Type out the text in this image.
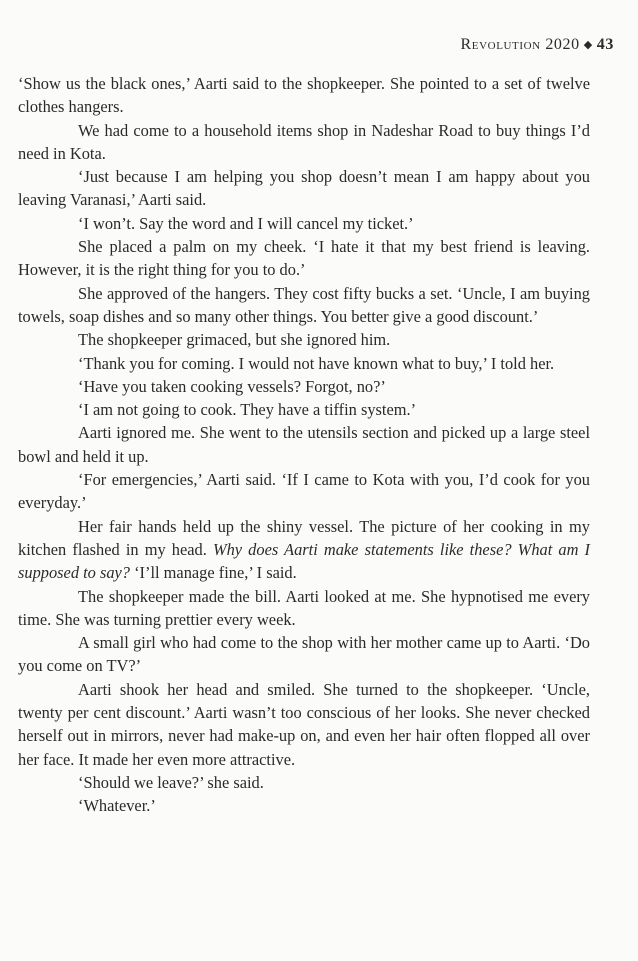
Revolution 2020 ◆ 43

‘Show us the black ones,’ Aarti said to the shopkeeper. She pointed to a set of twelve clothes hangers.

We had come to a household items shop in Nadeshar Road to buy things I’d need in Kota.

‘Just because I am helping you shop doesn’t mean I am happy about you leaving Varanasi,’ Aarti said.

‘I won’t. Say the word and I will cancel my ticket.’

She placed a palm on my cheek. ‘I hate it that my best friend is leaving. However, it is the right thing for you to do.’

She approved of the hangers. They cost fifty bucks a set. ‘Uncle, I am buying towels, soap dishes and so many other things. You better give a good discount.’

The shopkeeper grimaced, but she ignored him.

‘Thank you for coming. I would not have known what to buy,’ I told her.

‘Have you taken cooking vessels? Forgot, no?’

‘I am not going to cook. They have a tiffin system.’

Aarti ignored me. She went to the utensils section and picked up a large steel bowl and held it up.

‘For emergencies,’ Aarti said. ‘If I came to Kota with you, I’d cook for you everyday.’

Her fair hands held up the shiny vessel. The picture of her cooking in my kitchen flashed in my head. Why does Aarti make statements like these? What am I supposed to say? ‘I’ll manage fine,’ I said.

The shopkeeper made the bill. Aarti looked at me. She hypnotised me every time. She was turning prettier every week.

A small girl who had come to the shop with her mother came up to Aarti. ‘Do you come on TV?’

Aarti shook her head and smiled. She turned to the shopkeeper. ‘Uncle, twenty per cent discount.’ Aarti wasn’t too conscious of her looks. She never checked herself out in mirrors, never had make-up on, and even her hair often flopped all over her face. It made her even more attractive.

‘Should we leave?’ she said.

‘Whatever.’
